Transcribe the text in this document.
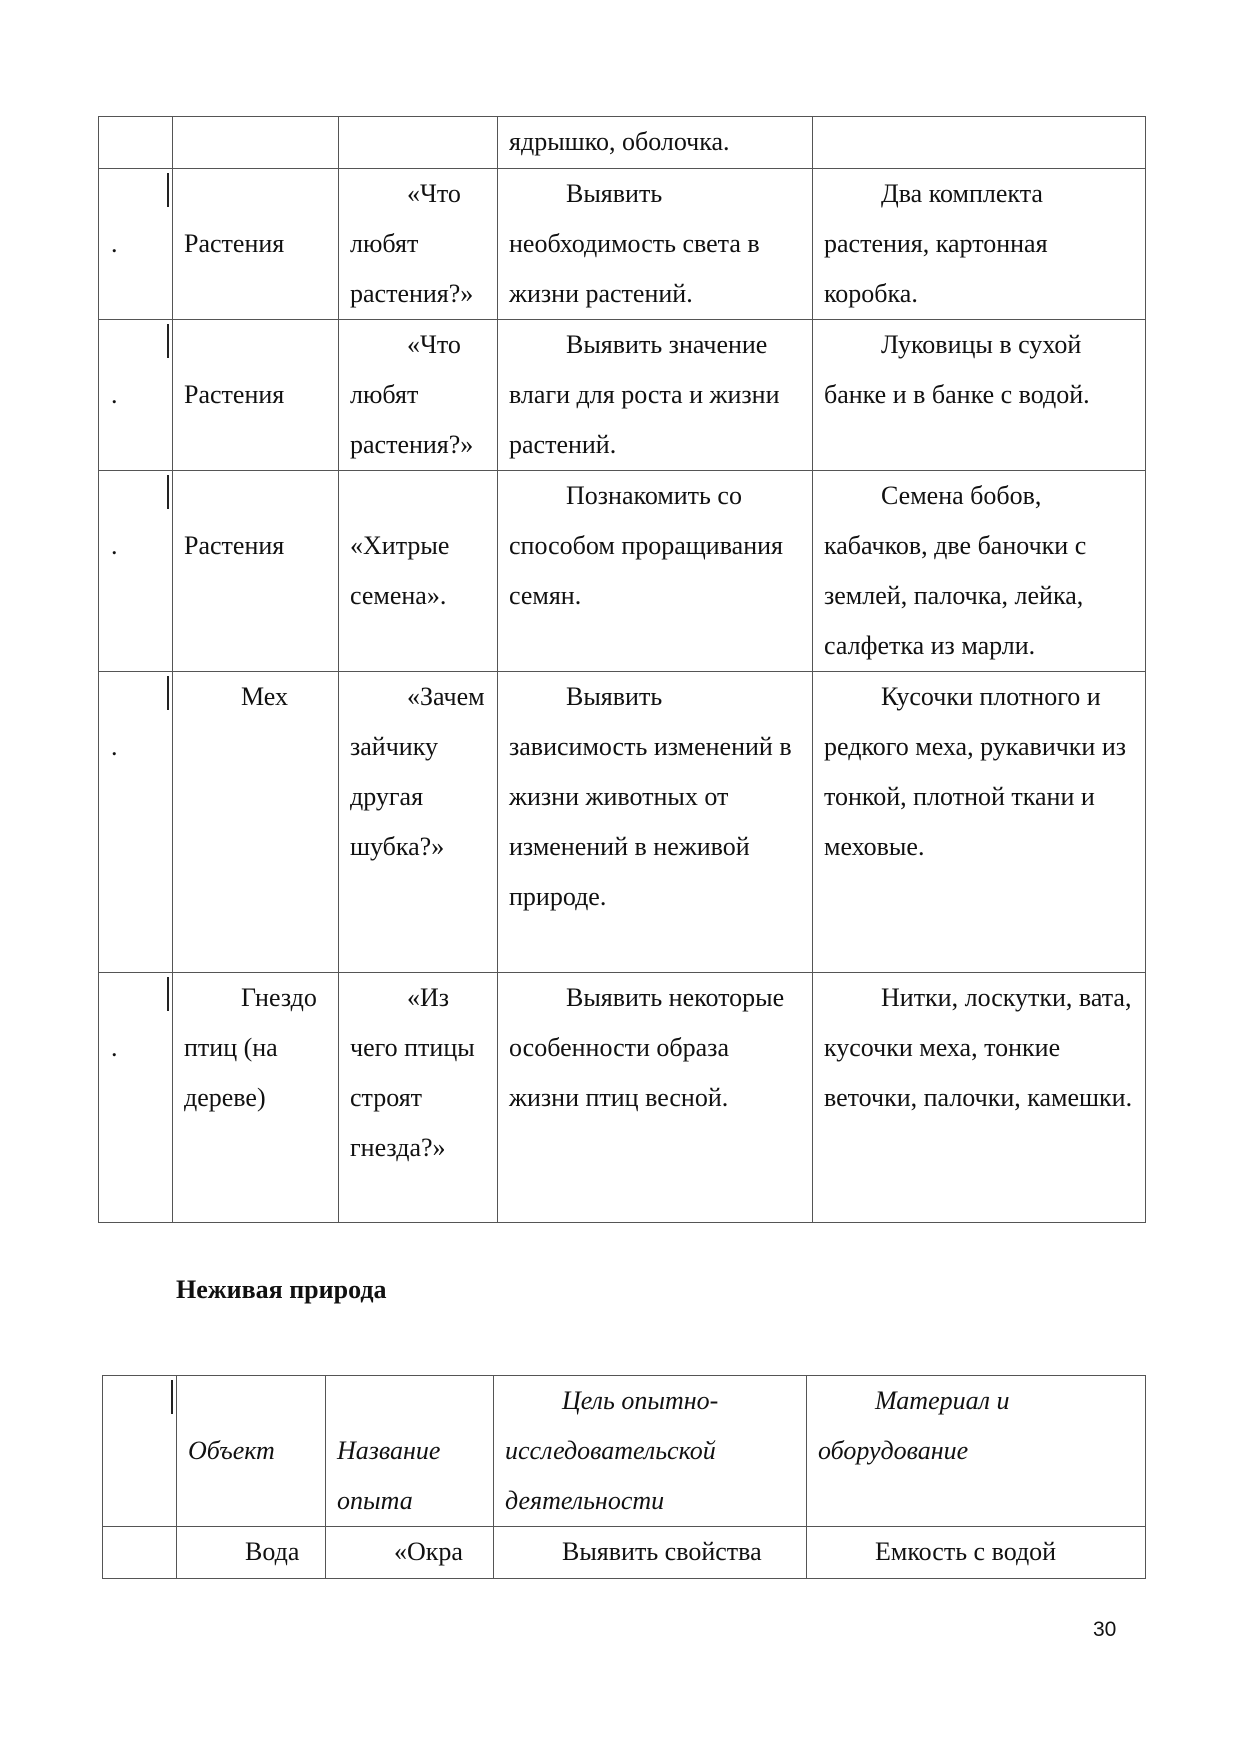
			ядрышко, оболочка.	

.	Растения	«Что любят растения?»	Выявить необходимость света в жизни растений.	Два комплекта растения, картонная коробка.

.	Растения	«Что любят растения?»	Выявить значение влаги для роста и жизни растений.	Луковицы в сухой банке и в банке с водой.

.	Растения	«Хитрые семена».	Познакомить со способом проращивания семян.	Семена бобов, кабачков, две баночки с землей, палочка, лейка, салфетка из марли.

.	Мех	«Зачем зайчику другая шубка?»	Выявить зависимость изменений в жизни животных от изменений в неживой природе.	Кусочки плотного и редкого меха, рукавички из тонкой, плотной ткани и меховые.

.	Гнездо птиц (на дереве)	«Из чего птицы строят гнезда?»	Выявить некоторые особенности образа жизни птиц весной.	Нитки, лоскутки, вата, кусочки меха, тонкие веточки, палочки, камешки.
Неживая природа

	Объект	Название опыта	Цель опытно-исследовательской деятельности	Материал и оборудование

	Вода	«Окра	Выявить свойства	Емкость с водой
30
